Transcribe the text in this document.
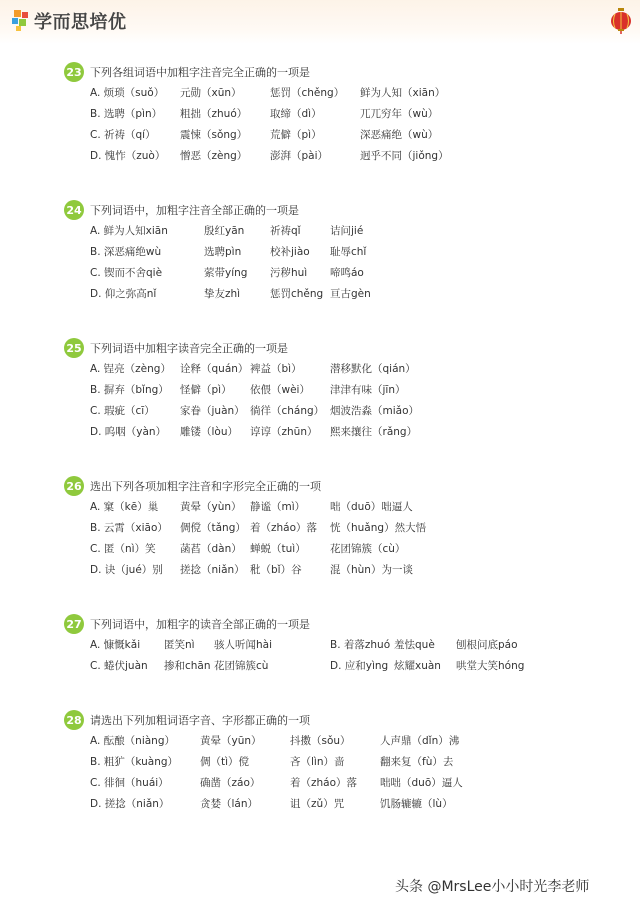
学而思培优
23 下列各组词语中加粗字注音完全正确的一项是
A. 烦琐（suǒ） 元勋（xūn）	惩罚（chěng） 鲜为人知（xiān）
B. 选聘（pìn） 粗拙（zhuó） 取缔（dì）	兀兀穷年（wù）
C. 祈祷（qí） 震悚（sǒng） 荒僻（pì）	深恶痛绝（wù）
D. 愧怍（zuò） 憎恶（zèng） 澎湃（pài）	迥乎不同（jiǒng）
24 下列词语中，加粗字注音全部正确的一项是
A. 鲜为人知xiān	殷红yān 祈祷qǐ	诘问jié
B. 深恶痛绝wù	选聘pìn	校补jiào 耻辱chǐ
C. 锲而不舍qiè	萦带yíng 污秽huì 啼鸣áo
D. 仰之弥高nǐ	挚友zhì	惩罚chěng 亘古gèn
25 下列词语中加粗字读音完全正确的一项是
A. 锃亮（zèng） 诠释（quán） 裨益（bì）	潜移默化（qián）
B. 摒弃（bǐng） 怪僻（pì） 依偎（wèi） 津津有味（jīn）
C. 瑕疵（cī） 家眷（juàn） 徜徉（cháng） 烟波浩淼（miǎo）
D. 呜咽（yàn） 雕镂（lòu） 谆谆（zhūn） 熙来攘往（rǎng）
26 选出下列各项加粗字注音和字形完全正确的一项
A. 窠（kē）巢 黄晕（yùn） 静谧（mì） 咄（duō）咄逼人
B. 云霄（xiāo） 倜傥（tǎng） 着（zháo）落 恍（huǎng）然大悟
C. 匿（nì）笑 菡萏（dàn） 蝉蜕（tuì） 花团锦簇（cù）
D. 诀（jué）别 搓捻（niǎn） 秕（bǐ）谷	混（hùn）为一谈
27 下列词语中，加粗字的读音全部正确的一项是
A. 慷慨kǎi 匿笑nì 骇人听闻hài	B. 着落zhuó 羞怯què 刨根问底páo
C. 蜷伏juàn 掺和chān 花团锦簇cù	D. 应和yìng 炫耀xuàn 哄堂大笑hóng
28 请选出下列加粗词语字音、字形都正确的一项
A. 酝酿（niàng） 黄晕（yūn）	抖擞（sǒu）	人声鼎（dǐn）沸
B. 粗犷（kuàng） 倜（tì）傥	吝（lìn）啬	翻来复（fù）去
C. 徘徊（huái）	确凿（záo）	着（zháo）落 咄咄（duō）逼人
D. 搓捻（niǎn）	贪婪（lán）	诅（zǔ）咒	饥肠辘辘（lù）
头条 @MrsLee小小时光李老师
